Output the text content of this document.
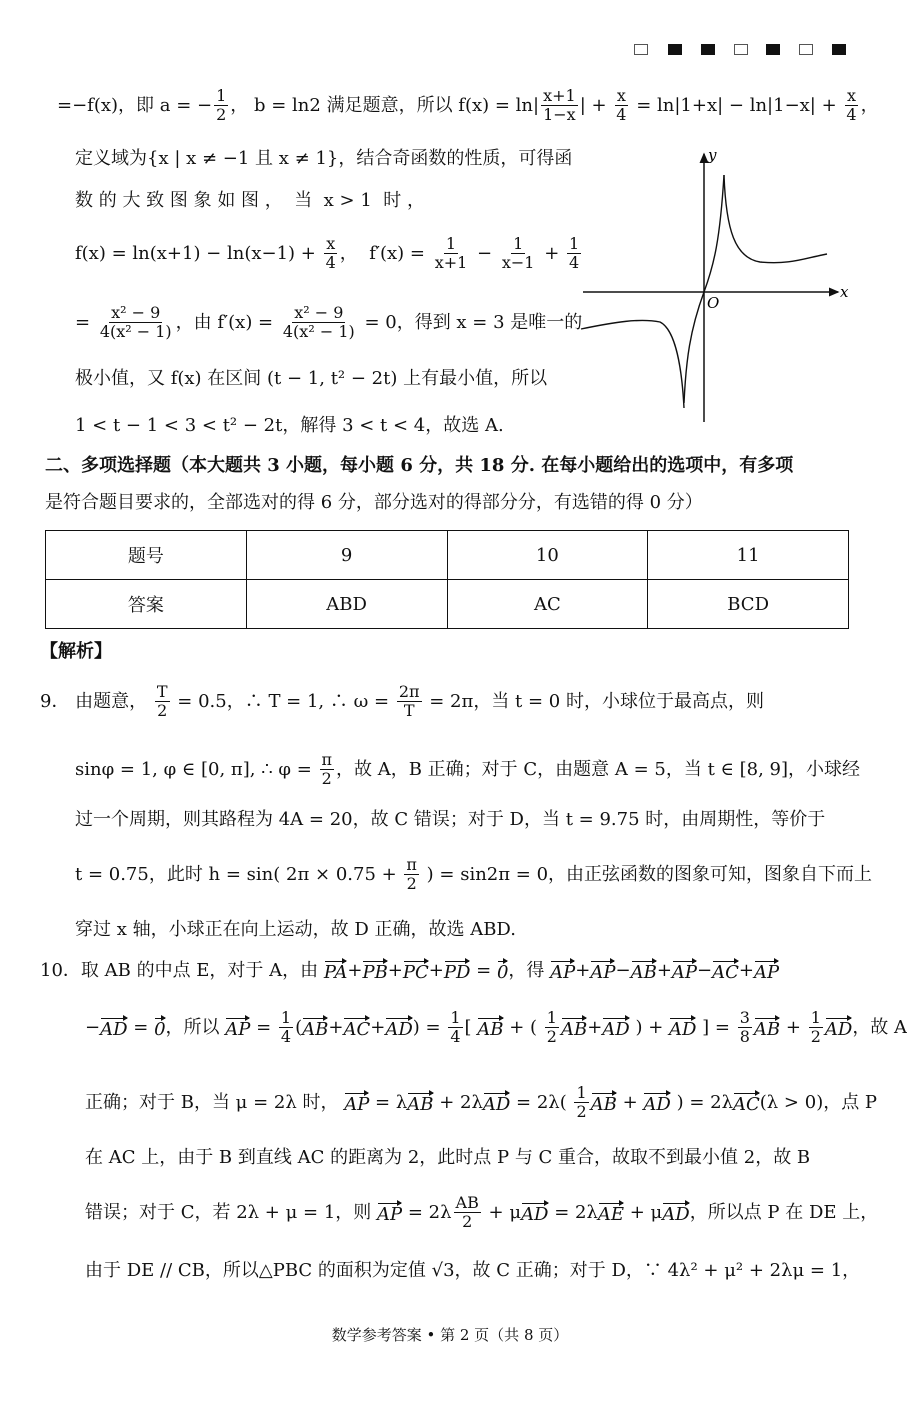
=−f(x)，即 a = − $\frac{1}{2}$ ， b = ln2 满足题意，所以 $f(x) = \ln| \frac{x+1}{1-x}$ | + $\frac{x}{4} = \ln|1+x| - \ln|1-x| + \frac{x}{4}$ ，
定义域为{x | x ≠ −1 且 x ≠ 1}，结合奇函数的性质，可得函
数 的 大 致 图 象 如 图 ，  当  x > 1  时 ，
$f(x) = \ln(x+1) - \ln(x-1) + \frac{x}{4}$ ，  $f'(x) = \frac{1}{x+1} - \frac{1}{x-1} + \frac{1}{4}$
= $\frac{\text{x² − 9}}{\text{4(x² − 1)}}$ ，由 $f'(x) = \frac{\text{x² − 9}}{\text{4(x² − 1)}} = 0$，得到 x = 3 是唯一的
极小值，又 f(x) 在区间 (t − 1, t² − 2t) 上有最小值，所以
1 < t − 1 < 3 < t² − 2t，解得 3 < t < 4，故选 A.
x
y
O
二、多项选择题（本大题共 3 小题，每小题 6 分，共 18 分. 在每小题给出的选项中，有多项
是符合题目要求的，全部选对的得 6 分，部分选对的得部分分，有选错的得 0 分）
题号	9	10	11
答案	ABD	AC	BCD
【解析】
9． 由题意， $\frac{T}{2} = 0.5$，∴ T = 1, ∴ $\omega = \frac{2\pi}{T} = 2\pi$，当 t = 0 时，小球位于最高点，则
sinφ = 1, φ ∈ [0, π], ∴ $\varphi = \frac{\pi}{2}$ ，故 A，B 正确；对于 C，由题意 A = 5，当 t ∈ [8, 9]，小球经
过一个周期，则其路程为 4A = 20，故 C 错误；对于 D，当 t = 9.75 时，由周期性，等价于
t = 0.75，此时 h = sin( $2\pi \times 0.75 + \frac{\pi}{2}$ ) = sin2π = 0，由正弦函数的图象可知，图象自下而上
穿过 x 轴，小球正在向上运动，故 D 正确，故选 ABD.
10．取 AB 的中点 E，对于 A，由 PA + PB + PC + PD = 0 ，得 AP + AP − AB + AP − AC + AP
− AD = 0 ，所以 AP = $\frac{1}{4}$ ( AB + AC + AD ) = $\frac{1}{4}$ [ AB + ( $\frac{1}{2}$ AB + AD ) + AD ] = $\frac{3}{8}$ AB + $\frac{1}{2}$ AD ，故 A
正确；对于 B，当 μ = 2λ 时， AP = λ AB + 2λ AD = $2\lambda( \frac{1}{2}$ AB + AD ) = 2λ AC (λ > 0)，点 P
在 AC 上，由于 B 到直线 AC 的距离为 2，此时点 P 与 C 重合，故取不到最小值 2，故 B
错误；对于 C，若 2λ + μ = 1，则 AP = $2\lambda \frac{AB}{2} + \mu$ AD = 2λ AE + μ AD ，所以点 P 在 DE 上，
由于 DE // CB，所以△PBC 的面积为定值 √3，故 C 正确；对于 D，∵ 4λ² + μ² + 2λμ = 1，
数学参考答案 • 第 2 页（共 8 页）
